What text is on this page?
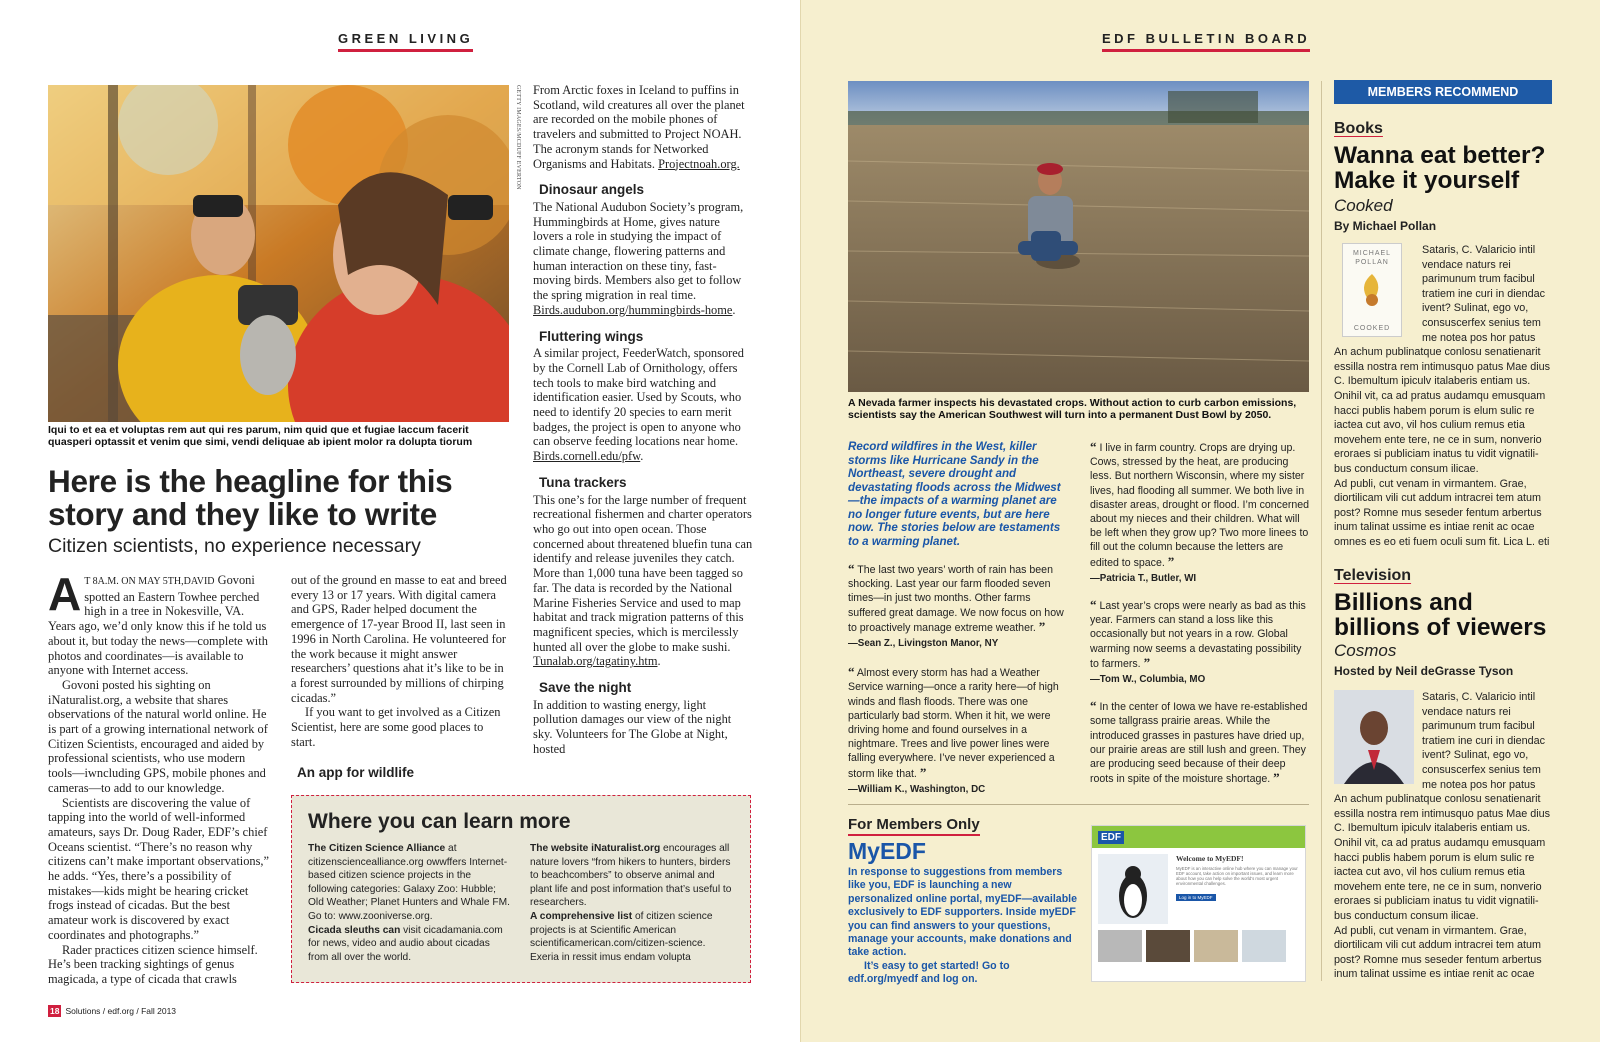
GREEN LIVING
GETTY IMAGES/MCDUFF EVERTON
Iqui to et ea et voluptas rem aut qui res parum, nim quid que et fugiae laccum facerit quasperi optassit et venim que simi, vendi deliquae ab ipient molor ra dolupta tiorum
Here is the heagline for this story and they like to write
Citizen scientists, no experience necessary

A T 8A.M. ON MAY 5TH,DAVID Govoni spotted an Eastern Towhee perched high in a tree in Nokesville, VA. Years ago, we’d only know this if he told us about it, but today the news—complete with photos and coordinates—is available to anyone with Internet access.

Govoni posted his sighting on iNaturalist.org, a website that shares observations of the natural world online. He is part of a growing international network of Citizen Scientists, encouraged and aided by professional scientists, who use modern tools—iwncluding GPS, mobile phones and cameras—to add to our knowledge.

Scientists are discovering the value of tapping into the world of well-informed amateurs, says Dr. Doug Rader, EDF’s chief Oceans scientist. “There’s no reason why citizens can’t make important observations,” he adds. “Yes, there’s a possibility of mistakes—kids might be hearing cricket frogs instead of cicadas. But the best amateur work is discovered by exact coordinates and photographs.”

Rader practices citizen science himself. He’s been tracking sightings of genus magicada, a type of cicada that crawls

out of the ground en masse to eat and breed every 13 or 17 years. With digital camera and GPS, Rader helped document the emergence of 17-year Brood II, last seen in 1996 in North Carolina. He volunteered for the work because it might answer researchers’ questions ahat it’s like to be in a forest surrounded by millions of chirping cicadas.”

If you want to get involved as a Citizen Scientist, here are some good places to start.

An app for wildlife
From Arctic foxes in Iceland to puffins in Scotland, wild creatures all over the planet are recorded on the mobile phones of travelers and submitted to Project NOAH. The acronym stands for Networked Organisms and Habitats. Projectnoah.org.
Dinosaur angels
The National Audubon Society’s program, Hummingbirds at Home, gives nature lovers a role in studying the impact of climate change, flowering patterns and human interaction on these tiny, fast-moving birds. Members also get to follow the spring migration in real time. Birds.audubon.org/hummingbirds-home.
Fluttering wings
A similar project, FeederWatch, sponsored by the Cornell Lab of Ornithology, offers tech tools to make bird watching and identification easier. Used by Scouts, who need to identify 20 species to earn merit badges, the project is open to anyone who can observe feeding locations near home. Birds.cornell.edu/pfw.
Tuna trackers
This one’s for the large number of frequent recreational fishermen and charter operators who go out into open ocean. Those concerned about threatened bluefin tuna can identify and release juveniles they catch. More than 1,000 tuna have been tagged so far. The data is recorded by the National Marine Fisheries Service and used to map habitat and track migration patterns of this magnificent species, which is mercilessly hunted all over the globe to make sushi. Tunalab.org/tagatiny.htm.
Save the night
In addition to wasting energy, light pollution damages our view of the night sky. Volunteers for The Globe at Night, hosted
Where you can learn more
The Citizen Science Alliance at citizensciencealliance.org owwffers Internet-based citizen science projects in the following categories: Galaxy Zoo: Hubble; Old Weather; Planet Hunters and Whale FM. Go to: www.zooniverse.org.
Cicada sleuths can visit cicadamania.com for news, video and audio about cicadas from all over the world.
The website iNaturalist.org encourages all nature lovers “from hikers to hunters, birders to beachcombers” to observe animal and plant life and post information that’s useful to researchers.
A comprehensive list of citizen science projects is at Scientific American scientificamerican.com/citizen-science. Exeria in ressit imus endam volupta
18 Solutions / edf.org / Fall 2013
EDF BULLETIN BOARD
A Nevada farmer inspects his devastated crops. Without action to curb carbon emissions, scientists say the American Southwest will turn into a permanent Dust Bowl by 2050.
Record wildfires in the West, killer storms like Hurricane Sandy in the Northeast, severe drought and devastating floods across the Midwest—the impacts of a warming planet are no longer future events, but are here now. The stories below are testaments to a warming planet.
“ The last two years’ worth of rain has been shocking. Last year our farm flooded seven times—in just two months. Other farms suffered great damage. We now focus on how to proactively manage extreme weather. ”
—Sean Z., Livingston Manor, NY
“ Almost every storm has had a Weather Service warning—once a rarity here—of high winds and flash floods. There was one particularly bad storm. When it hit, we were driving home and found ourselves in a nightmare. Trees and live power lines were falling everywhere. I’ve never experienced a storm like that. ”
—William K., Washington, DC
“ I live in farm country. Crops are drying up. Cows, stressed by the heat, are producing less. But northern Wisconsin, where my sister lives, had flooding all summer. We both live in disaster areas, drought or flood. I’m concerned about my nieces and their children. What will be left when they grow up? Two more linees to fill out the column because the letters are edited to space. ”
—Patricia T., Butler, WI
“ Last year’s crops were nearly as bad as this year. Farmers can stand a loss like this occasionally but not years in a row. Global warming now seems a devastating possibility to farmers. ”
—Tom W., Columbia, MO
“ In the center of Iowa we have re-established some tallgrass prairie areas. While the introduced grasses in pastures have dried up, our prairie areas are still lush and green. They are producing seed because of their deep roots in spite of the moisture shortage. ”
For Members Only
MyEDF
In response to suggestions from members like you, EDF is launching a new personalized online portal, myEDF—available exclusively to EDF supporters. Inside myEDF you can find answers to your questions, manage your accounts, make donations and take action.
It’s easy to get started! Go to edf.org/myedf and log on.
EDF
Welcome to MyEDF!
MyEDF is an interactive online hub where you can manage your EDF account, take action on important issues, and learn more about how you can help solve the world's most urgent environmental challenges.
Log in to MyEDF
MEMBERS RECOMMEND
Books
Wanna eat better? Make it yourself
Cooked
By Michael Pollan
MICHAEL POLLAN
COOKED
Sataris, C. Valaricio intil vendace naturs rei parimunum trum facibul tratiem ine curi in diendac ivent? Sulinat, ego vo, consuscerfex senius tem me notea pos hor patus
An achum publinatque conlosu senatienarit essilla nostra rem intimusquo patus Mae dius C. Ibemultum ipiculv italaberis entiam us. Onihil vit, ca ad pratus audamqu emusquam hacci publis habem porum is elum sulic re iactea cut avo, vil hos culium remus etia movehem ente tere, ne ce in sum, nonverio eroraes si publiciam inatus tu vidit vignatili-bus conductum consum ilicae.
Ad publi, cut venam in virmantem. Grae, diortilicam vili cut addum intracrei tem atum post? Romne mus seseder fentum arbertus inum talinat ussime es intiae renit ac ocae omnes es eo eti fuem oculi sum fit. Lica L. eti
Television
Billions and billions of viewers
Cosmos
Hosted by Neil deGrasse Tyson
Sataris, C. Valaricio intil vendace naturs rei parimunum trum facibul tratiem ine curi in diendac ivent? Sulinat, ego vo, consuscerfex senius tem me notea pos hor patus
An achum publinatque conlosu senatienarit essilla nostra rem intimusquo patus Mae dius C. Ibemultum ipiculv italaberis entiam us. Onihil vit, ca ad pratus audamqu emusquam hacci publis habem porum is elum sulic re iactea cut avo, vil hos culium remus etia movehem ente tere, ne ce in sum, nonverio eroraes si publiciam inatus tu vidit vignatili-bus conductum consum ilicae.
Ad publi, cut venam in virmantem. Grae, diortilicam vili cut addum intracrei tem atum post? Romne mus seseder fentum arbertus inum talinat ussime es intiae renit ac ocae
